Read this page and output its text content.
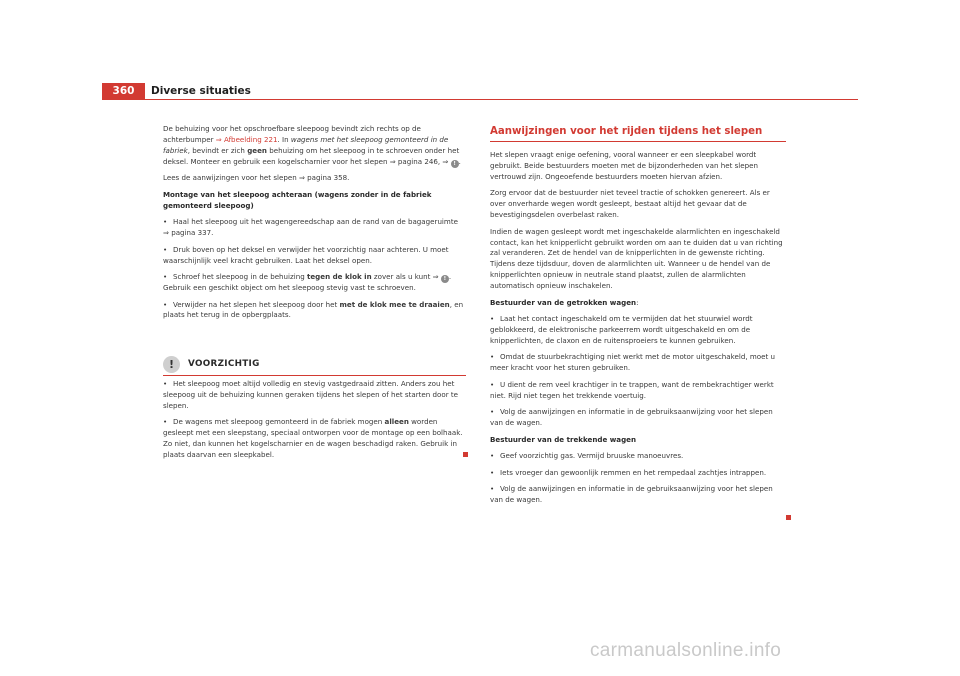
360	Diverse situaties

De behuizing voor het opschroefbare sleepoog bevindt zich rechts op de achterbumper ⇒ Afbeelding 221. In wagens met het sleepoog gemonteerd in de fabriek, bevindt er zich geen behuizing om het sleepoog in te schroeven onder het deksel. Monteer en gebruik een kogelscharnier voor het slepen ⇒ pagina 246, ⇒ ! .

Lees de aanwijzingen voor het slepen ⇒ pagina 358.

Montage van het sleepoog achteraan (wagens zonder in de fabriek gemonteerd sleepoog)

• Haal het sleepoog uit het wagengereedschap aan de rand van de bagageruimte ⇒ pagina 337.

• Druk boven op het deksel en verwijder het voorzichtig naar achteren. U moet waarschijnlijk veel kracht gebruiken. Laat het deksel open.

• Schroef het sleepoog in de behuizing tegen de klok in zover als u kunt ⇒ ! . Gebruik een geschikt object om het sleepoog stevig vast te schroeven.

• Verwijder na het slepen het sleepoog door het met de klok mee te draaien, en plaats het terug in de opbergplaats.

!	VOORZICHTIG

• Het sleepoog moet altijd volledig en stevig vastgedraaid zitten. Anders zou het sleepoog uit de behuizing kunnen geraken tijdens het slepen of het starten door te slepen.

• De wagens met sleepoog gemonteerd in de fabriek mogen alleen worden gesleept met een sleepstang, speciaal ontworpen voor de montage op een bolhaak. Zo niet, dan kunnen het kogelscharnier en de wagen beschadigd raken. Gebruik in plaats daarvan een sleepkabel.

Aanwijzingen voor het rijden tijdens het slepen

Het slepen vraagt enige oefening, vooral wanneer er een sleepkabel wordt gebruikt. Beide bestuurders moeten met de bijzonderheden van het slepen vertrouwd zijn. Ongeoefende bestuurders moeten hiervan afzien.

Zorg ervoor dat de bestuurder niet teveel tractie of schokken genereert. Als er over onverharde wegen wordt gesleept, bestaat altijd het gevaar dat de bevestigingsdelen overbelast raken.

Indien de wagen gesleept wordt met ingeschakelde alarmlichten en ingeschakeld contact, kan het knipperlicht gebruikt worden om aan te duiden dat u van richting zal veranderen. Zet de hendel van de knipperlichten in de gewenste richting. Tijdens deze tijdsduur, doven de alarmlichten uit. Wanneer u de hendel van de knipperlichten opnieuw in neutrale stand plaatst, zullen de alarmlichten automatisch opnieuw inschakelen.

Bestuurder van de getrokken wagen:

• Laat het contact ingeschakeld om te vermijden dat het stuurwiel wordt geblokkeerd, de elektronische parkeerrem wordt uitgeschakeld en om de knipperlichten, de claxon en de ruitensproeiers te kunnen gebruiken.

• Omdat de stuurbekrachtiging niet werkt met de motor uitgeschakeld, moet u meer kracht voor het sturen gebruiken.

• U dient de rem veel krachtiger in te trappen, want de rembekrachtiger werkt niet. Rijd niet tegen het trekkende voertuig.

• Volg de aanwijzingen en informatie in de gebruiksaanwijzing voor het slepen van de wagen.

Bestuurder van de trekkende wagen

• Geef voorzichtig gas. Vermijd bruuske manoeuvres.

• Iets vroeger dan gewoonlijk remmen en het rempedaal zachtjes intrappen.

• Volg de aanwijzingen en informatie in de gebruiksaanwijzing voor het slepen van de wagen.

carmanualsonline.info
